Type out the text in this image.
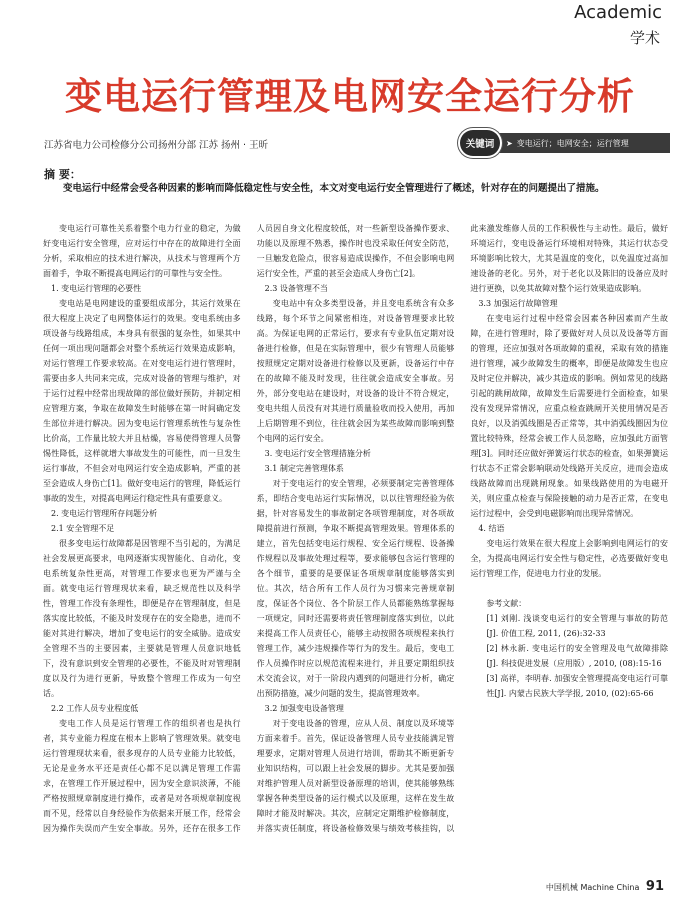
Academic
学术
变电运行管理及电网安全运行分析
江苏省电力公司检修分公司扬州分部 江苏 扬州 · 王昕	关键词	➤ 变电运行；电网安全；运行管理
摘 要：

变电运行中经常会受各种因素的影响而降低稳定性与安全性，本文对变电运行安全管理进行了概述，针对存在的问题提出了措施。

变电运行可靠性关系着整个电力行业的稳定，为做好变电运行安全管理，应对运行中存在的故障进行全面分析，采取相应的技术进行解决，从技术与管理两个方面着手，争取不断提高电网运行的可靠性与安全性。

1. 变电运行管理的必要性

变电站是电网建设的重要组成部分，其运行效果在很大程度上决定了电网整体运行的效果。变电系统由多项设备与线路组成，本身具有很强的复杂性，如果其中任何一项出现问题都会对整个系统运行效果造成影响，对运行管理工作要求较高。在对变电运行进行管理时，需要由多人共同来完成，完成对设备的管理与维护，对于运行过程中经常出现故障的部位做好预防，并制定相应管理方案，争取在故障发生时能够在第一时间确定发生部位并进行解决。因为变电运行管理系统性与复杂性比价高，工作量比较大并且枯燥，容易使得管理人员警惕性降低，这样就增大事故发生的可能性，而一旦发生运行事故，不但会对电网运行安全造成影响，严重的甚至会造成人身伤亡[1]。做好变电运行的管理，降低运行事故的发生，对提高电网运行稳定性具有重要意义。

2. 变电运行管理所存问题分析
2.1 安全管理不足

很多变电运行故障都是因管理不当引起的，为满足社会发展更高要求，电网逐渐实现智能化、自动化，变电系统复杂性更高，对管理工作要求也更为严谨与全面。就变电运行管理现状来看，缺乏规范性以及科学性，管理工作没有条理性，即便是存在管理制度，但是落实度比较低，不能及时发现存在的安全隐患，进而不能对其进行解决，增加了变电运行的安全威胁。造成安全管理不当的主要因素，主要就是管理人员意识地低下，没有意识到安全管理的必要性，不能及时对管理制度以及行为进行更新，导致整个管理工作成为一句空话。

2.2 工作人员专业程度低

变电工作人员是运行管理工作的组织者也是执行者，其专业能力程度在根本上影响了管理效果。就变电运行管理现状来看，很多现存的人员专业能力比较低，无论是业务水平还是责任心都不足以满足管理工作需求，在管理工作开展过程中，因为安全意识淡薄，不能严格按照规章制度进行操作，或者是对各项规章制度视而不见，经常以自身经验作为依据来开展工作，经常会因为操作失误而产生安全事故。另外，还存在很多工作人员因自身文化程度较低，对一些新型设备操作要求、功能以及原理不熟悉，操作时也没采取任何安全防范，一旦触发危险点，很容易造成误操作，不但会影响电网运行安全性，严重的甚至会造成人身伤亡[2]。

2.3 设备管理不当

变电站中有众多类型设备，并且变电系统含有众多线路，每个环节之间紧密相连，对设备管理要求比较高。为保证电网的正常运行，要求有专业队伍定期对设备进行检修，但是在实际管理中，很少有管理人员能够按照规定定期对设备进行检修以及更新，设备运行中存在的故障不能及时发现，往往就会造成安全事故。另外，部分变电站在建设时，对设备的设计不符合规定，变电共组人员没有对其进行质量验收而投入使用，再加上后期管理不到位，往往就会因为某些故障而影响到整个电网的运行安全。

3. 变电运行安全管理措施分析
3.1 制定完善管理体系

对于变电运行的安全管理，必须要制定完善管理体系，即结合变电站运行实际情况，以以往管理经验为依据，针对容易发生的事故制定各项管理制度，对各项故障提前进行预测，争取不断提高管理效果。管理体系的建立，首先包括变电运行规程、安全运行规程、设备操作规程以及事故处理过程等，要求能够包含运行管理的各个细节，重要的是要保证各项规章制度能够落实到位。其次，结合所有工作人员行为习惯来完善规章制度，保证各个岗位、各个阶层工作人员都能熟练掌握每一项规定，同时还需要将责任管理制度落实到位，以此来提高工作人员责任心，能够主动按照各项规程来执行管理工作，减少违规操作等行为的发生。最后，变电工作人员操作时应以规范流程来进行，并且要定期组织技术交流会议，对于一阶段内遇到的问题进行分析，确定出预防措施，减少问题的发生，提高管理效率。

3.2 加强变电设备管理

对于变电设备的管理，应从人员、制度以及环境等方面来着手。首先，保证设备管理人员专业技能满足管理要求，定期对管理人员进行培训，帮助其不断更新专业知识结构，可以跟上社会发展的脚步。尤其是要加强对维护管理人员对新型设备原理的培训，使其能够熟练掌握各种类型设备的运行模式以及原理，这样在发生故障时才能及时解决。其次，应制定定期维护检修制度，并落实责任制度，将设备检修效果与绩效考核挂钩，以此来激发维修人员的工作积极性与主动性。最后，做好环境运行，变电设备运行环境相对特殊，其运行状态受环境影响比较大，尤其是温度的变化，以免温度过高加速设备的老化。另外，对于老化以及陈旧的设备应及时进行更换，以免其故障对整个运行效果造成影响。

3.3 加强运行故障管理

在变电运行过程中经常会因素各种因素而产生故障，在进行管理时，除了要做好对人员以及设备等方面的管理，还应加强对各项故障的重视，采取有效的措施进行管理，减少故障发生的概率，即便是故障发生也应及时定位并解决，减少其造成的影响。例如常见的线路引起的跳闸故障，故障发生后需要进行全面检查，如果没有发现异常情况，应重点检查跳闸开关使用情况是否良好，以及消弧线圈是否正常等，其中消弧线圈因为位置比较特殊，经常会被工作人员忽略，应加强此方面管理[3]。同时还应做好弹簧运行状态的检查，如果弹簧运行状态不正常会影响联动处线路开关反应，进而会造成线路故障而出现跳闸现象。如果线路使用的为电磁开关，则应重点检查与保险接触的动力是否正常，在变电运行过程中，会受到电磁影响而出现异常情况。

4. 结语

变电运行效果在很大程度上会影响到电网运行的安全，为提高电网运行安全性与稳定性，必选要做好变电运行管理工作，促进电力行业的发展。

参考文献：

[1] 刘刚. 浅谈变电运行的安全管理与事故的防范[J]. 价值工程, 2011, (26):32-33

[2] 林永新. 变电运行的安全管理及电气故障排除[J]. 科技促进发展（应用版）, 2010, (08):15-16

[3] 高祥，李明春. 加强安全管理提高变电运行可靠性[J]. 内蒙古民族大学学报, 2010, (02):65-66

中国机械 Machine China 91
